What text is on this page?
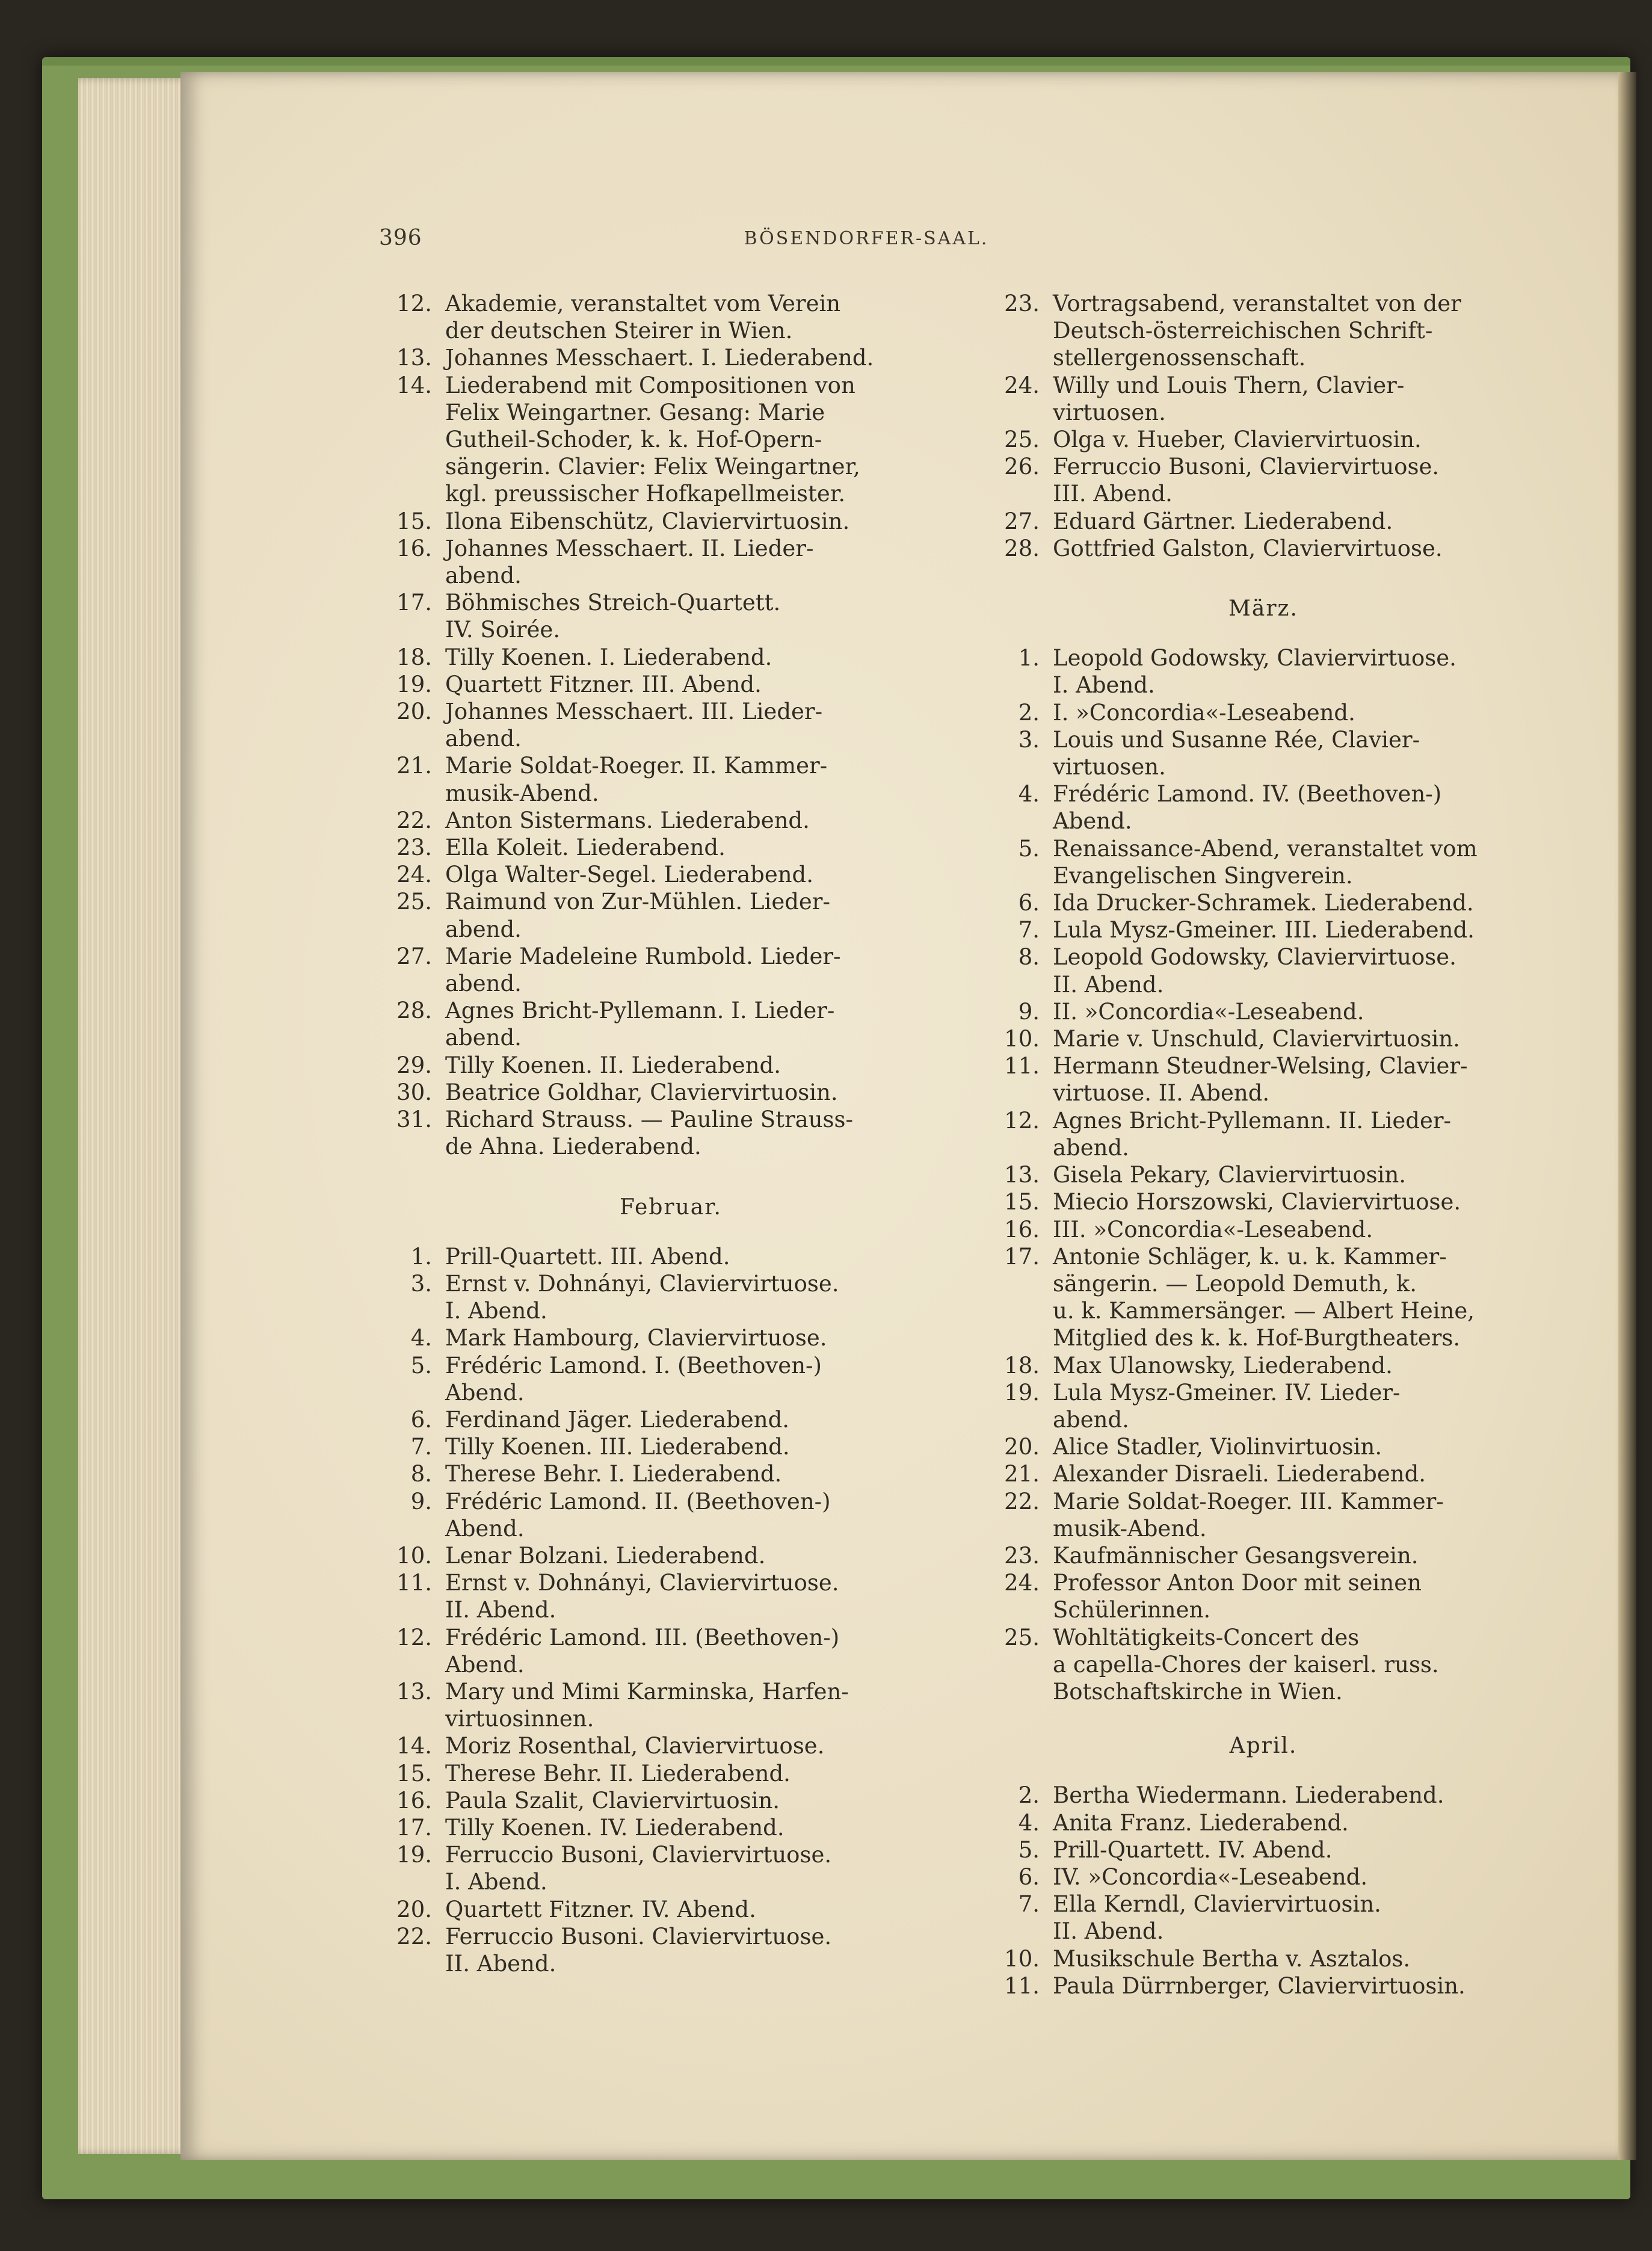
396	BÖSENDORFER-SAAL.
12. Akademie, veranstaltet vom Verein
der deutschen Steirer in Wien.
13. Johannes Messchaert. I. Liederabend.
14. Liederabend mit Compositionen von
Felix Weingartner. Gesang: Marie
Gutheil-Schoder, k. k. Hof-Opern-
sängerin. Clavier: Felix Weingartner,
kgl. preussischer Hofkapellmeister.
15. Ilona Eibenschütz, Claviervirtuosin.
16. Johannes Messchaert. II. Lieder-
abend.
17. Böhmisches Streich-Quartett.
IV. Soirée.
18. Tilly Koenen. I. Liederabend.
19. Quartett Fitzner. III. Abend.
20. Johannes Messchaert. III. Lieder-
abend.
21. Marie Soldat-Roeger. II. Kammer-
musik-Abend.
22. Anton Sistermans. Liederabend.
23. Ella Koleit. Liederabend.
24. Olga Walter-Segel. Liederabend.
25. Raimund von Zur-Mühlen. Lieder-
abend.
27. Marie Madeleine Rumbold. Lieder-
abend.
28. Agnes Bricht-Pyllemann. I. Lieder-
abend.
29. Tilly Koenen. II. Liederabend.
30. Beatrice Goldhar, Claviervirtuosin.
31. Richard Strauss. — Pauline Strauss-
de Ahna. Liederabend.
Februar.
1. Prill-Quartett. III. Abend.
3. Ernst v. Dohnányi, Claviervirtuose.
I. Abend.
4. Mark Hambourg, Claviervirtuose.
5. Frédéric Lamond. I. (Beethoven-)
Abend.
6. Ferdinand Jäger. Liederabend.
7. Tilly Koenen. III. Liederabend.
8. Therese Behr. I. Liederabend.
9. Frédéric Lamond. II. (Beethoven-)
Abend.
10. Lenar Bolzani. Liederabend.
11. Ernst v. Dohnányi, Claviervirtuose.
II. Abend.
12. Frédéric Lamond. III. (Beethoven-)
Abend.
13. Mary und Mimi Karminska, Harfen-
virtuosinnen.
14. Moriz Rosenthal, Claviervirtuose.
15. Therese Behr. II. Liederabend.
16. Paula Szalit, Claviervirtuosin.
17. Tilly Koenen. IV. Liederabend.
19. Ferruccio Busoni, Claviervirtuose.
I. Abend.
20. Quartett Fitzner. IV. Abend.
22. Ferruccio Busoni. Claviervirtuose.
II. Abend.
23. Vortragsabend, veranstaltet von der
Deutsch-österreichischen Schrift-
stellergenossenschaft.
24. Willy und Louis Thern, Clavier-
virtuosen.
25. Olga v. Hueber, Claviervirtuosin.
26. Ferruccio Busoni, Claviervirtuose.
III. Abend.
27. Eduard Gärtner. Liederabend.
28. Gottfried Galston, Claviervirtuose.
März.
1. Leopold Godowsky, Claviervirtuose.
I. Abend.
2. I. »Concordia«-Leseabend.
3. Louis und Susanne Rée, Clavier-
virtuosen.
4. Frédéric Lamond. IV. (Beethoven-)
Abend.
5. Renaissance-Abend, veranstaltet vom
Evangelischen Singverein.
6. Ida Drucker-Schramek. Liederabend.
7. Lula Mysz-Gmeiner. III. Liederabend.
8. Leopold Godowsky, Claviervirtuose.
II. Abend.
9. II. »Concordia«-Leseabend.
10. Marie v. Unschuld, Claviervirtuosin.
11. Hermann Steudner-Welsing, Clavier-
virtuose. II. Abend.
12. Agnes Bricht-Pyllemann. II. Lieder-
abend.
13. Gisela Pekary, Claviervirtuosin.
15. Miecio Horszowski, Claviervirtuose.
16. III. »Concordia«-Leseabend.
17. Antonie Schläger, k. u. k. Kammer-
sängerin. — Leopold Demuth, k.
u. k. Kammersänger. — Albert Heine,
Mitglied des k. k. Hof-Burgtheaters.
18. Max Ulanowsky, Liederabend.
19. Lula Mysz-Gmeiner. IV. Lieder-
abend.
20. Alice Stadler, Violinvirtuosin.
21. Alexander Disraeli. Liederabend.
22. Marie Soldat-Roeger. III. Kammer-
musik-Abend.
23. Kaufmännischer Gesangsverein.
24. Professor Anton Door mit seinen
Schülerinnen.
25. Wohltätigkeits-Concert des
a capella-Chores der kaiserl. russ.
Botschaftskirche in Wien.
April.
2. Bertha Wiedermann. Liederabend.
4. Anita Franz. Liederabend.
5. Prill-Quartett. IV. Abend.
6. IV. »Concordia«-Leseabend.
7. Ella Kerndl, Claviervirtuosin.
II. Abend.
10. Musikschule Bertha v. Asztalos.
11. Paula Dürrnberger, Claviervirtuosin.
